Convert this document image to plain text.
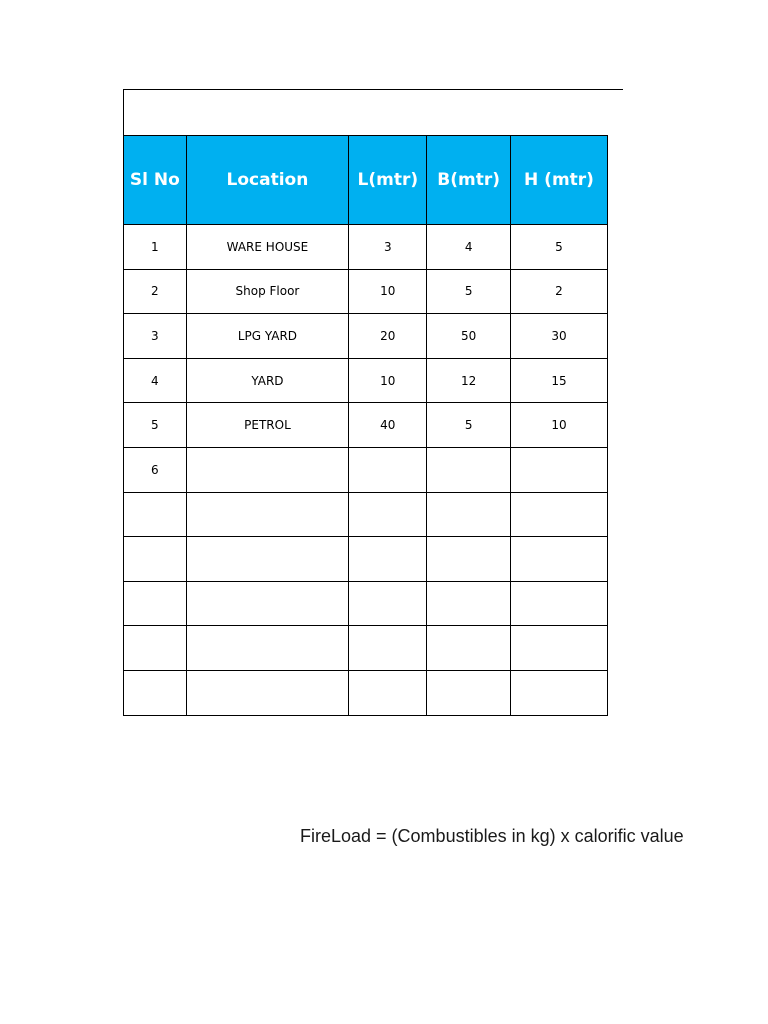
Sl No	Location	L(mtr)	B(mtr)	H (mtr)
1	WARE HOUSE	3	4	5
2	Shop Floor	10	5	2
3	LPG YARD	20	50	30
4	YARD	10	12	15
5	PETROL	40	5	10
6				

FireLoad = (Combustibles in kg) x calorific value
